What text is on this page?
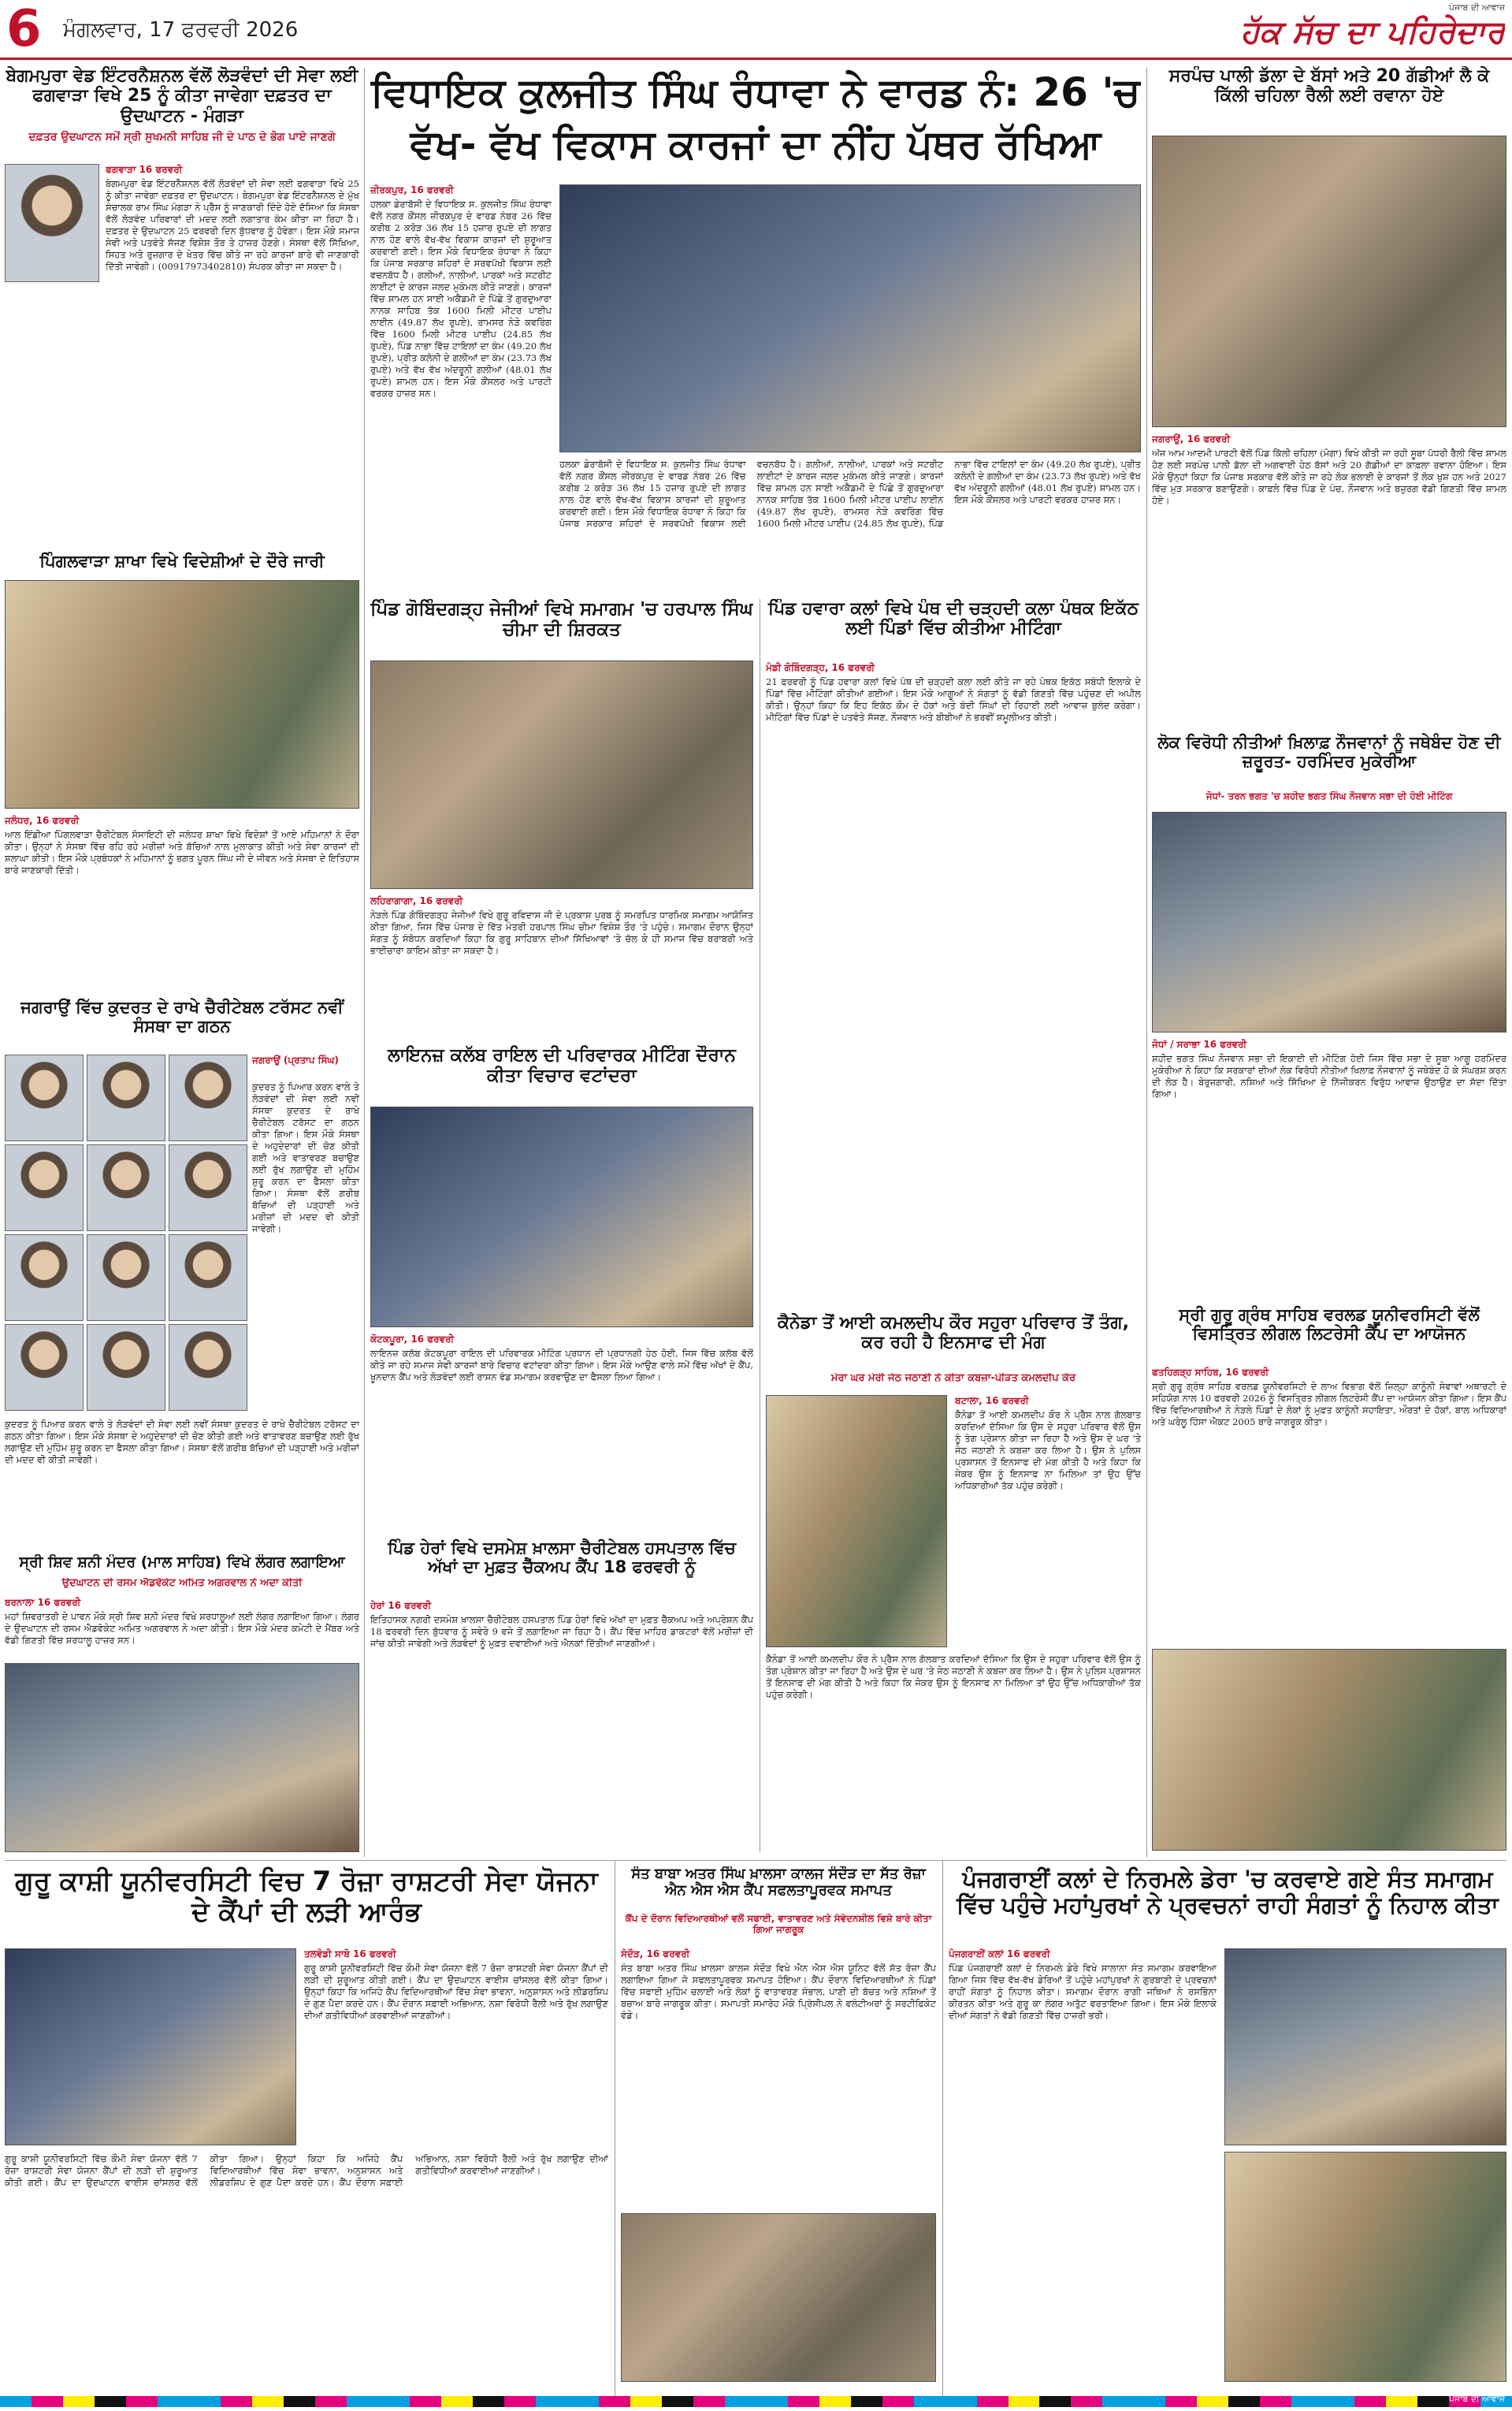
6	ਮੰਗਲਵਾਰ, 17 ਫਰਵਰੀ 2026
ਪੰਜਾਬ ਦੀ ਆਵਾਜ਼
ਹੱਕ ਸੱਚ ਦਾ ਪਹਿਰੇਦਾਰ
ਬੇਗਮਪੁਰਾ ਵੇਡ ਇੰਟਰਨੈਸ਼ਨਲ ਵੱਲੋਂ ਲੋੜਵੰਦਾਂ ਦੀ ਸੇਵਾ ਲਈ ਫਗਵਾੜਾ ਵਿਖੇ 25 ਨੂੰ ਕੀਤਾ ਜਾਵੇਗਾ ਦਫ਼ਤਰ ਦਾ ਉਦਘਾਟਨ - ਮੰਗੜਾ
ਦਫ਼ਤਰ ਉਦਘਾਟਨ ਸਮੇਂ ਸ੍ਰੀ ਸੁਖਮਨੀ ਸਾਹਿਬ ਜੀ ਦੇ ਪਾਠ ਦੇ ਭੋਗ ਪਾਏ ਜਾਣਗੇ
ਫਗਵਾੜਾ 16 ਫਰਵਰੀ
ਬੇਗਮਪੁਰਾ ਵੇਡ ਇੰਟਰਨੈਸ਼ਨਲ ਵੱਲੋਂ ਲੋੜਵੰਦਾਂ ਦੀ ਸੇਵਾ ਲਈ ਫਗਵਾੜਾ ਵਿਖੇ 25 ਨੂੰ ਕੀਤਾ ਜਾਵੇਗਾ ਦਫ਼ਤਰ ਦਾ ਉਦਘਾਟਨ। ਬੇਗਮਪੁਰਾ ਵੇਡ ਇੰਟਰਨੈਸ਼ਨਲ ਦੇ ਮੁੱਖ ਸੰਚਾਲਕ ਰਾਮ ਸਿੰਘ ਮੰਗੜਾ ਨੇ ਪ੍ਰੈਸ ਨੂੰ ਜਾਣਕਾਰੀ ਦਿੰਦੇ ਹੋਏ ਦੱਸਿਆ ਕਿ ਸੰਸਥਾ ਵੱਲੋਂ ਲੋੜਵੰਦ ਪਰਿਵਾਰਾਂ ਦੀ ਮਦਦ ਲਈ ਲਗਾਤਾਰ ਕੰਮ ਕੀਤਾ ਜਾ ਰਿਹਾ ਹੈ। ਦਫ਼ਤਰ ਦੇ ਉਦਘਾਟਨ 25 ਫਰਵਰੀ ਦਿਨ ਬੁੱਧਵਾਰ ਨੂੰ ਹੋਵੇਗਾ। ਇਸ ਮੌਕੇ ਸਮਾਜ ਸੇਵੀ ਅਤੇ ਪਤਵੰਤੇ ਸੱਜਣ ਵਿਸ਼ੇਸ਼ ਤੌਰ ਤੇ ਹਾਜ਼ਰ ਹੋਣਗੇ। ਸੰਸਥਾ ਵੱਲੋਂ ਸਿੱਖਿਆ, ਸਿਹਤ ਅਤੇ ਰੁਜ਼ਗਾਰ ਦੇ ਖੇਤਰ ਵਿੱਚ ਕੀਤੇ ਜਾ ਰਹੇ ਕਾਰਜਾਂ ਬਾਰੇ ਵੀ ਜਾਣਕਾਰੀ ਦਿੱਤੀ ਜਾਵੇਗੀ। (00917973402810) ਸੰਪਰਕ ਕੀਤਾ ਜਾ ਸਕਦਾ ਹੈ।
ਪਿੰਗਲਵਾੜਾ ਸ਼ਾਖਾ ਵਿਖੇ ਵਿਦੇਸ਼ੀਆਂ ਦੇ ਦੌਰੇ ਜਾਰੀ
ਜਲੰਧਰ, 16 ਫਰਵਰੀ
ਆਲ ਇੰਡੀਆ ਪਿੰਗਲਵਾੜਾ ਚੈਰੀਟੇਬਲ ਸੋਸਾਇਟੀ ਦੀ ਜਲੰਧਰ ਸ਼ਾਖਾ ਵਿਖੇ ਵਿਦੇਸ਼ਾਂ ਤੋਂ ਆਏ ਮਹਿਮਾਨਾਂ ਨੇ ਦੌਰਾ ਕੀਤਾ। ਉਨ੍ਹਾਂ ਨੇ ਸੰਸਥਾ ਵਿੱਚ ਰਹਿ ਰਹੇ ਮਰੀਜ਼ਾਂ ਅਤੇ ਬੱਚਿਆਂ ਨਾਲ ਮੁਲਾਕਾਤ ਕੀਤੀ ਅਤੇ ਸੇਵਾ ਕਾਰਜਾਂ ਦੀ ਸ਼ਲਾਘਾ ਕੀਤੀ। ਇਸ ਮੌਕੇ ਪ੍ਰਬੰਧਕਾਂ ਨੇ ਮਹਿਮਾਨਾਂ ਨੂੰ ਭਗਤ ਪੂਰਨ ਸਿੰਘ ਜੀ ਦੇ ਜੀਵਨ ਅਤੇ ਸੰਸਥਾ ਦੇ ਇਤਿਹਾਸ ਬਾਰੇ ਜਾਣਕਾਰੀ ਦਿੱਤੀ।
ਜਗਰਾਉਂ ਵਿੱਚ ਕੁਦਰਤ ਦੇ ਰਾਖੇ ਚੈਰੀਟੇਬਲ ਟਰੱਸਟ ਨਵੀਂ ਸੰਸਥਾ ਦਾ ਗਠਨ
ਜਗਰਾਉਂ (ਪ੍ਰਤਾਪ ਸਿੰਘ)
ਕੁਦਰਤ ਨੂੰ ਪਿਆਰ ਕਰਨ ਵਾਲੇ ਤੇ ਲੋੜਵੰਦਾਂ ਦੀ ਸੇਵਾ ਲਈ ਨਵੀਂ ਸੰਸਥਾ ਕੁਦਰਤ ਦੇ ਰਾਖੇ ਚੈਰੀਟੇਬਲ ਟਰੱਸਟ ਦਾ ਗਠਨ ਕੀਤਾ ਗਿਆ। ਇਸ ਮੌਕੇ ਸੰਸਥਾ ਦੇ ਅਹੁਦੇਦਾਰਾਂ ਦੀ ਚੋਣ ਕੀਤੀ ਗਈ ਅਤੇ ਵਾਤਾਵਰਣ ਬਚਾਉਣ ਲਈ ਰੁੱਖ ਲਗਾਉਣ ਦੀ ਮੁਹਿੰਮ ਸ਼ੁਰੂ ਕਰਨ ਦਾ ਫੈਸਲਾ ਕੀਤਾ ਗਿਆ। ਸੰਸਥਾ ਵੱਲੋਂ ਗਰੀਬ ਬੱਚਿਆਂ ਦੀ ਪੜ੍ਹਾਈ ਅਤੇ ਮਰੀਜ਼ਾਂ ਦੀ ਮਦਦ ਵੀ ਕੀਤੀ ਜਾਵੇਗੀ।
ਕੁਦਰਤ ਨੂੰ ਪਿਆਰ ਕਰਨ ਵਾਲੇ ਤੇ ਲੋੜਵੰਦਾਂ ਦੀ ਸੇਵਾ ਲਈ ਨਵੀਂ ਸੰਸਥਾ ਕੁਦਰਤ ਦੇ ਰਾਖੇ ਚੈਰੀਟੇਬਲ ਟਰੱਸਟ ਦਾ ਗਠਨ ਕੀਤਾ ਗਿਆ। ਇਸ ਮੌਕੇ ਸੰਸਥਾ ਦੇ ਅਹੁਦੇਦਾਰਾਂ ਦੀ ਚੋਣ ਕੀਤੀ ਗਈ ਅਤੇ ਵਾਤਾਵਰਣ ਬਚਾਉਣ ਲਈ ਰੁੱਖ ਲਗਾਉਣ ਦੀ ਮੁਹਿੰਮ ਸ਼ੁਰੂ ਕਰਨ ਦਾ ਫੈਸਲਾ ਕੀਤਾ ਗਿਆ। ਸੰਸਥਾ ਵੱਲੋਂ ਗਰੀਬ ਬੱਚਿਆਂ ਦੀ ਪੜ੍ਹਾਈ ਅਤੇ ਮਰੀਜ਼ਾਂ ਦੀ ਮਦਦ ਵੀ ਕੀਤੀ ਜਾਵੇਗੀ।
ਸ੍ਰੀ ਸ਼ਿਵ ਸ਼ਨੀ ਮੰਦਰ (ਮਾਲ ਸਾਹਿਬ) ਵਿਖੇ ਲੰਗਰ ਲਗਾਇਆ
ਉਦਘਾਟਨ ਦੀ ਰਸਮ ਐਡਵੋਕੇਟ ਅਮਿਤ ਅਗਰਵਾਲ ਨੇ ਅਦਾ ਕੀਤੀ
ਬਰਨਾਲਾ 16 ਫਰਵਰੀ
ਮਹਾਂ ਸ਼ਿਵਰਾਤਰੀ ਦੇ ਪਾਵਨ ਮੌਕੇ ਸ੍ਰੀ ਸ਼ਿਵ ਸ਼ਨੀ ਮੰਦਰ ਵਿਖੇ ਸ਼ਰਧਾਲੂਆਂ ਲਈ ਲੰਗਰ ਲਗਾਇਆ ਗਿਆ। ਲੰਗਰ ਦੇ ਉਦਘਾਟਨ ਦੀ ਰਸਮ ਐਡਵੋਕੇਟ ਅਮਿਤ ਅਗਰਵਾਲ ਨੇ ਅਦਾ ਕੀਤੀ। ਇਸ ਮੌਕੇ ਮੰਦਰ ਕਮੇਟੀ ਦੇ ਮੈਂਬਰ ਅਤੇ ਵੱਡੀ ਗਿਣਤੀ ਵਿੱਚ ਸ਼ਰਧਾਲੂ ਹਾਜ਼ਰ ਸਨ।
ਵਿਧਾਇਕ ਕੁਲਜੀਤ ਸਿੰਘ ਰੰਧਾਵਾ ਨੇ ਵਾਰਡ ਨੰ: 26 'ਚ ਵੱਖ- ਵੱਖ ਵਿਕਾਸ ਕਾਰਜਾਂ ਦਾ ਨੀਂਹ ਪੱਥਰ ਰੱਖਿਆ
ਜ਼ੀਰਕਪੁਰ, 16 ਫਰਵਰੀ
ਹਲਕਾ ਡੇਰਾਬੱਸੀ ਦੇ ਵਿਧਾਇਕ ਸ. ਕੁਲਜੀਤ ਸਿੰਘ ਰੰਧਾਵਾ ਵੱਲੋਂ ਨਗਰ ਕੌਂਸਲ ਜ਼ੀਰਕਪੁਰ ਦੇ ਵਾਰਡ ਨੰਬਰ 26 ਵਿੱਚ ਕਰੀਬ 2 ਕਰੋੜ 36 ਲੱਖ 15 ਹਜ਼ਾਰ ਰੁਪਏ ਦੀ ਲਾਗਤ ਨਾਲ ਹੋਣ ਵਾਲੇ ਵੱਖ-ਵੱਖ ਵਿਕਾਸ ਕਾਰਜਾਂ ਦੀ ਸ਼ੁਰੂਆਤ ਕਰਵਾਈ ਗਈ। ਇਸ ਮੌਕੇ ਵਿਧਾਇਕ ਰੰਧਾਵਾ ਨੇ ਕਿਹਾ ਕਿ ਪੰਜਾਬ ਸਰਕਾਰ ਸ਼ਹਿਰਾਂ ਦੇ ਸਰਵਪੱਖੀ ਵਿਕਾਸ ਲਈ ਵਚਨਬੱਧ ਹੈ। ਗਲੀਆਂ, ਨਾਲੀਆਂ, ਪਾਰਕਾਂ ਅਤੇ ਸਟਰੀਟ ਲਾਈਟਾਂ ਦੇ ਕਾਰਜ ਜਲਦ ਮੁਕੰਮਲ ਕੀਤੇ ਜਾਣਗੇ। ਕਾਰਜਾਂ ਵਿੱਚ ਸ਼ਾਮਲ ਹਨ ਸਾਈ ਅਕੈਡਮੀ ਦੇ ਪਿੱਛੇ ਤੋਂ ਗੁਰਦੁਆਰਾ ਨਾਨਕ ਸਾਹਿਬ ਤੱਕ 1600 ਮਿਲੀ ਮੀਟਰ ਪਾਈਪ ਲਾਈਨ (49.87 ਲੱਖ ਰੁਪਏ), ਰਾਮਸਰ ਨੇੜੇ ਕਵਰਿੰਗ ਵਿੱਚ 1600 ਮਿਲੀ ਮੀਟਰ ਪਾਈਪ (24.85 ਲੱਖ ਰੁਪਏ), ਪਿੰਡ ਨਾਭਾ ਵਿੱਚ ਟਾਇਲਾਂ ਦਾ ਕੰਮ (49.20 ਲੱਖ ਰੁਪਏ), ਪ੍ਰੀਤ ਕਲੋਨੀ ਦੇ ਗਲੀਆਂ ਦਾ ਕੰਮ (23.73 ਲੱਖ ਰੁਪਏ) ਅਤੇ ਵੱਖ ਵੱਖ ਅੰਦਰੂਨੀ ਗਲੀਆਂ (48.01 ਲੱਖ ਰੁਪਏ) ਸ਼ਾਮਲ ਹਨ। ਇਸ ਮੌਕੇ ਕੌਂਸਲਰ ਅਤੇ ਪਾਰਟੀ ਵਰਕਰ ਹਾਜ਼ਰ ਸਨ।
ਹਲਕਾ ਡੇਰਾਬੱਸੀ ਦੇ ਵਿਧਾਇਕ ਸ. ਕੁਲਜੀਤ ਸਿੰਘ ਰੰਧਾਵਾ ਵੱਲੋਂ ਨਗਰ ਕੌਂਸਲ ਜ਼ੀਰਕਪੁਰ ਦੇ ਵਾਰਡ ਨੰਬਰ 26 ਵਿੱਚ ਕਰੀਬ 2 ਕਰੋੜ 36 ਲੱਖ 15 ਹਜ਼ਾਰ ਰੁਪਏ ਦੀ ਲਾਗਤ ਨਾਲ ਹੋਣ ਵਾਲੇ ਵੱਖ-ਵੱਖ ਵਿਕਾਸ ਕਾਰਜਾਂ ਦੀ ਸ਼ੁਰੂਆਤ ਕਰਵਾਈ ਗਈ। ਇਸ ਮੌਕੇ ਵਿਧਾਇਕ ਰੰਧਾਵਾ ਨੇ ਕਿਹਾ ਕਿ ਪੰਜਾਬ ਸਰਕਾਰ ਸ਼ਹਿਰਾਂ ਦੇ ਸਰਵਪੱਖੀ ਵਿਕਾਸ ਲਈ ਵਚਨਬੱਧ ਹੈ। ਗਲੀਆਂ, ਨਾਲੀਆਂ, ਪਾਰਕਾਂ ਅਤੇ ਸਟਰੀਟ ਲਾਈਟਾਂ ਦੇ ਕਾਰਜ ਜਲਦ ਮੁਕੰਮਲ ਕੀਤੇ ਜਾਣਗੇ। ਕਾਰਜਾਂ ਵਿੱਚ ਸ਼ਾਮਲ ਹਨ ਸਾਈ ਅਕੈਡਮੀ ਦੇ ਪਿੱਛੇ ਤੋਂ ਗੁਰਦੁਆਰਾ ਨਾਨਕ ਸਾਹਿਬ ਤੱਕ 1600 ਮਿਲੀ ਮੀਟਰ ਪਾਈਪ ਲਾਈਨ (49.87 ਲੱਖ ਰੁਪਏ), ਰਾਮਸਰ ਨੇੜੇ ਕਵਰਿੰਗ ਵਿੱਚ 1600 ਮਿਲੀ ਮੀਟਰ ਪਾਈਪ (24.85 ਲੱਖ ਰੁਪਏ), ਪਿੰਡ ਨਾਭਾ ਵਿੱਚ ਟਾਇਲਾਂ ਦਾ ਕੰਮ (49.20 ਲੱਖ ਰੁਪਏ), ਪ੍ਰੀਤ ਕਲੋਨੀ ਦੇ ਗਲੀਆਂ ਦਾ ਕੰਮ (23.73 ਲੱਖ ਰੁਪਏ) ਅਤੇ ਵੱਖ ਵੱਖ ਅੰਦਰੂਨੀ ਗਲੀਆਂ (48.01 ਲੱਖ ਰੁਪਏ) ਸ਼ਾਮਲ ਹਨ। ਇਸ ਮੌਕੇ ਕੌਂਸਲਰ ਅਤੇ ਪਾਰਟੀ ਵਰਕਰ ਹਾਜ਼ਰ ਸਨ।
ਪਿੰਡ ਗੋਬਿੰਦਗੜ੍ਹ ਜੇਜੀਆਂ ਵਿਖੇ ਸਮਾਗਮ 'ਚ ਹਰਪਾਲ ਸਿੰਘ ਚੀਮਾ ਦੀ ਸ਼ਿਰਕਤ
ਲਹਿਰਾਗਾਗਾ, 16 ਫਰਵਰੀ
ਨੇੜਲੇ ਪਿੰਡ ਗੋਬਿੰਦਗੜ੍ਹ ਜੇਜੀਆਂ ਵਿਖੇ ਗੁਰੂ ਰਵਿਦਾਸ ਜੀ ਦੇ ਪ੍ਰਕਾਸ਼ ਪੁਰਬ ਨੂੰ ਸਮਰਪਿਤ ਧਾਰਮਿਕ ਸਮਾਗਮ ਆਯੋਜਿਤ ਕੀਤਾ ਗਿਆ, ਜਿਸ ਵਿੱਚ ਪੰਜਾਬ ਦੇ ਵਿੱਤ ਮੰਤਰੀ ਹਰਪਾਲ ਸਿੰਘ ਚੀਮਾ ਵਿਸ਼ੇਸ਼ ਤੌਰ 'ਤੇ ਪਹੁੰਚੇ। ਸਮਾਗਮ ਦੌਰਾਨ ਉਨ੍ਹਾਂ ਸੰਗਤ ਨੂੰ ਸੰਬੋਧਨ ਕਰਦਿਆਂ ਕਿਹਾ ਕਿ ਗੁਰੂ ਸਾਹਿਬਾਨ ਦੀਆਂ ਸਿੱਖਿਆਵਾਂ 'ਤੇ ਚੱਲ ਕੇ ਹੀ ਸਮਾਜ ਵਿੱਚ ਬਰਾਬਰੀ ਅਤੇ ਭਾਈਚਾਰਾ ਕਾਇਮ ਕੀਤਾ ਜਾ ਸਕਦਾ ਹੈ।
ਲਾਇਨਜ਼ ਕਲੱਬ ਰਾਇਲ ਦੀ ਪਰਿਵਾਰਕ ਮੀਟਿੰਗ ਦੌਰਾਨ ਕੀਤਾ ਵਿਚਾਰ ਵਟਾਂਦਰਾ
ਕੋਟਕਪੂਰਾ, 16 ਫਰਵਰੀ
ਲਾਇਨਜ਼ ਕਲੱਬ ਕੋਟਕਪੂਰਾ ਰਾਇਲ ਦੀ ਪਰਿਵਾਰਕ ਮੀਟਿੰਗ ਪ੍ਰਧਾਨ ਦੀ ਪ੍ਰਧਾਨਗੀ ਹੇਠ ਹੋਈ, ਜਿਸ ਵਿੱਚ ਕਲੱਬ ਵੱਲੋਂ ਕੀਤੇ ਜਾ ਰਹੇ ਸਮਾਜ ਸੇਵੀ ਕਾਰਜਾਂ ਬਾਰੇ ਵਿਚਾਰ ਵਟਾਂਦਰਾ ਕੀਤਾ ਗਿਆ। ਇਸ ਮੌਕੇ ਆਉਣ ਵਾਲੇ ਸਮੇਂ ਵਿੱਚ ਅੱਖਾਂ ਦੇ ਕੈਂਪ, ਖੂਨਦਾਨ ਕੈਂਪ ਅਤੇ ਲੋੜਵੰਦਾਂ ਲਈ ਰਾਸ਼ਨ ਵੰਡ ਸਮਾਗਮ ਕਰਵਾਉਣ ਦਾ ਫੈਸਲਾ ਲਿਆ ਗਿਆ।
ਪਿੰਡ ਹੇਰਾਂ ਵਿਖੇ ਦਸਮੇਸ਼ ਖ਼ਾਲਸਾ ਚੈਰੀਟੇਬਲ ਹਸਪਤਾਲ ਵਿੱਚ ਅੱਖਾਂ ਦਾ ਮੁਫ਼ਤ ਚੈੱਕਅਪ ਕੈਂਪ 18 ਫਰਵਰੀ ਨੂੰ
ਹੇਰਾਂ 16 ਫਰਵਰੀ
ਇਤਿਹਾਸਕ ਨਗਰੀ ਦਸਮੇਸ਼ ਖ਼ਾਲਸਾ ਚੈਰੀਟੇਬਲ ਹਸਪਤਾਲ ਪਿੰਡ ਹੇਰਾਂ ਵਿਖੇ ਅੱਖਾਂ ਦਾ ਮੁਫ਼ਤ ਚੈੱਕਅਪ ਅਤੇ ਅਪ੍ਰੇਸ਼ਨ ਕੈਂਪ 18 ਫਰਵਰੀ ਦਿਨ ਬੁੱਧਵਾਰ ਨੂੰ ਸਵੇਰੇ 9 ਵਜੇ ਤੋਂ ਲਗਾਇਆ ਜਾ ਰਿਹਾ ਹੈ। ਕੈਂਪ ਵਿੱਚ ਮਾਹਿਰ ਡਾਕਟਰਾਂ ਵੱਲੋਂ ਮਰੀਜ਼ਾਂ ਦੀ ਜਾਂਚ ਕੀਤੀ ਜਾਵੇਗੀ ਅਤੇ ਲੋੜਵੰਦਾਂ ਨੂੰ ਮੁਫ਼ਤ ਦਵਾਈਆਂ ਅਤੇ ਐਨਕਾਂ ਦਿੱਤੀਆਂ ਜਾਣਗੀਆਂ।
ਪਿੰਡ ਹਵਾਰਾ ਕਲਾਂ ਵਿਖੇ ਪੰਥ ਦੀ ਚੜ੍ਹਦੀ ਕਲਾ ਪੰਥਕ ਇਕੱਠ ਲਈ ਪਿੰਡਾਂ ਵਿੱਚ ਕੀਤੀਆ ਮੀਟਿੰਗਾ
ਮੰਡੀ ਗੋਬਿੰਦਗੜ੍ਹ, 16 ਫਰਵਰੀ
21 ਫਰਵਰੀ ਨੂੰ ਪਿੰਡ ਹਵਾਰਾ ਕਲਾਂ ਵਿਖੇ ਪੰਥ ਦੀ ਚੜ੍ਹਦੀ ਕਲਾ ਲਈ ਕੀਤੇ ਜਾ ਰਹੇ ਪੰਥਕ ਇਕੱਠ ਸਬੰਧੀ ਇਲਾਕੇ ਦੇ ਪਿੰਡਾਂ ਵਿੱਚ ਮੀਟਿੰਗਾਂ ਕੀਤੀਆਂ ਗਈਆਂ। ਇਸ ਮੌਕੇ ਆਗੂਆਂ ਨੇ ਸੰਗਤਾਂ ਨੂੰ ਵੱਡੀ ਗਿਣਤੀ ਵਿੱਚ ਪਹੁੰਚਣ ਦੀ ਅਪੀਲ ਕੀਤੀ। ਉਨ੍ਹਾਂ ਕਿਹਾ ਕਿ ਇਹ ਇਕੱਠ ਕੌਮ ਦੇ ਹੱਕਾਂ ਅਤੇ ਬੰਦੀ ਸਿੰਘਾਂ ਦੀ ਰਿਹਾਈ ਲਈ ਆਵਾਜ਼ ਬੁਲੰਦ ਕਰੇਗਾ। ਮੀਟਿੰਗਾਂ ਵਿੱਚ ਪਿੰਡਾਂ ਦੇ ਪਤਵੰਤੇ ਸੱਜਣ, ਨੌਜਵਾਨ ਅਤੇ ਬੀਬੀਆਂ ਨੇ ਭਰਵੀਂ ਸ਼ਮੂਲੀਅਤ ਕੀਤੀ।
ਕੈਨੇਡਾ ਤੋਂ ਆਈ ਕਮਲਦੀਪ ਕੌਰ ਸਹੁਰਾ ਪਰਿਵਾਰ ਤੋਂ ਤੰਗ, ਕਰ ਰਹੀ ਹੈ ਇਨਸਾਫ ਦੀ ਮੰਗ
ਮੇਰਾ ਘਰ ਮੇਰੀ ਜੇਠ ਜਠਾਣੀ ਨੇ ਕੀਤਾ ਕਬਜ਼ਾ-ਪੀੜਤ ਕਮਲਦੀਪ ਕੌਰ
ਬਟਾਲਾ, 16 ਫਰਵਰੀ
ਕੈਨੇਡਾ ਤੋਂ ਆਈ ਕਮਲਦੀਪ ਕੌਰ ਨੇ ਪ੍ਰੈਸ ਨਾਲ ਗੱਲਬਾਤ ਕਰਦਿਆਂ ਦੱਸਿਆ ਕਿ ਉਸ ਦੇ ਸਹੁਰਾ ਪਰਿਵਾਰ ਵੱਲੋਂ ਉਸ ਨੂੰ ਤੰਗ ਪ੍ਰੇਸ਼ਾਨ ਕੀਤਾ ਜਾ ਰਿਹਾ ਹੈ ਅਤੇ ਉਸ ਦੇ ਘਰ 'ਤੇ ਜੇਠ ਜਠਾਣੀ ਨੇ ਕਬਜ਼ਾ ਕਰ ਲਿਆ ਹੈ। ਉਸ ਨੇ ਪੁਲਿਸ ਪ੍ਰਸ਼ਾਸਨ ਤੋਂ ਇਨਸਾਫ ਦੀ ਮੰਗ ਕੀਤੀ ਹੈ ਅਤੇ ਕਿਹਾ ਕਿ ਜੇਕਰ ਉਸ ਨੂੰ ਇਨਸਾਫ ਨਾ ਮਿਲਿਆ ਤਾਂ ਉਹ ਉੱਚ ਅਧਿਕਾਰੀਆਂ ਤੱਕ ਪਹੁੰਚ ਕਰੇਗੀ।
ਕੈਨੇਡਾ ਤੋਂ ਆਈ ਕਮਲਦੀਪ ਕੌਰ ਨੇ ਪ੍ਰੈਸ ਨਾਲ ਗੱਲਬਾਤ ਕਰਦਿਆਂ ਦੱਸਿਆ ਕਿ ਉਸ ਦੇ ਸਹੁਰਾ ਪਰਿਵਾਰ ਵੱਲੋਂ ਉਸ ਨੂੰ ਤੰਗ ਪ੍ਰੇਸ਼ਾਨ ਕੀਤਾ ਜਾ ਰਿਹਾ ਹੈ ਅਤੇ ਉਸ ਦੇ ਘਰ 'ਤੇ ਜੇਠ ਜਠਾਣੀ ਨੇ ਕਬਜ਼ਾ ਕਰ ਲਿਆ ਹੈ। ਉਸ ਨੇ ਪੁਲਿਸ ਪ੍ਰਸ਼ਾਸਨ ਤੋਂ ਇਨਸਾਫ ਦੀ ਮੰਗ ਕੀਤੀ ਹੈ ਅਤੇ ਕਿਹਾ ਕਿ ਜੇਕਰ ਉਸ ਨੂੰ ਇਨਸਾਫ ਨਾ ਮਿਲਿਆ ਤਾਂ ਉਹ ਉੱਚ ਅਧਿਕਾਰੀਆਂ ਤੱਕ ਪਹੁੰਚ ਕਰੇਗੀ।
ਸਰਪੰਚ ਪਾਲੀ ਡੱਲਾ ਦੇ ਬੱਸਾਂ ਅਤੇ 20 ਗੱਡੀਆਂ ਲੈ ਕੇ ਕਿੱਲੀ ਚਹਿਲਾ ਰੈਲੀ ਲਈ ਰਵਾਨਾ ਹੋਏ
ਜਗਰਾਉਂ, 16 ਫਰਵਰੀ
ਅੱਜ ਆਮ ਆਦਮੀ ਪਾਰਟੀ ਵੱਲੋਂ ਪਿੰਡ ਕਿੱਲੀ ਚਹਿਲਾ (ਮੋਗਾ) ਵਿਖੇ ਕੀਤੀ ਜਾ ਰਹੀ ਸੂਬਾ ਪੱਧਰੀ ਰੈਲੀ ਵਿੱਚ ਸ਼ਾਮਲ ਹੋਣ ਲਈ ਸਰਪੰਚ ਪਾਲੀ ਡੱਲਾ ਦੀ ਅਗਵਾਈ ਹੇਠ ਬੱਸਾਂ ਅਤੇ 20 ਗੱਡੀਆਂ ਦਾ ਕਾਫ਼ਲਾ ਰਵਾਨਾ ਹੋਇਆ। ਇਸ ਮੌਕੇ ਉਨ੍ਹਾਂ ਕਿਹਾ ਕਿ ਪੰਜਾਬ ਸਰਕਾਰ ਵੱਲੋਂ ਕੀਤੇ ਜਾ ਰਹੇ ਲੋਕ ਭਲਾਈ ਦੇ ਕਾਰਜਾਂ ਤੋਂ ਲੋਕ ਖੁਸ਼ ਹਨ ਅਤੇ 2027 ਵਿੱਚ ਮੁੜ ਸਰਕਾਰ ਬਣਾਉਣਗੇ। ਕਾਫ਼ਲੇ ਵਿੱਚ ਪਿੰਡ ਦੇ ਪੰਚ, ਨੌਜਵਾਨ ਅਤੇ ਬਜ਼ੁਰਗ ਵੱਡੀ ਗਿਣਤੀ ਵਿੱਚ ਸ਼ਾਮਲ ਹੋਏ।
ਲੋਕ ਵਿਰੋਧੀ ਨੀਤੀਆਂ ਖ਼ਿਲਾਫ਼ ਨੌਜਵਾਨਾਂ ਨੂੰ ਜਥੇਬੰਦ ਹੋਣ ਦੀ ਜ਼ਰੂਰਤ- ਹਰਮਿੰਦਰ ਮੁਕੇਰੀਆ
ਜੋਧਾਂ- ਤਰਨ ਭਗਤ 'ਚ ਸ਼ਹੀਦ ਭਗਤ ਸਿੰਘ ਨੌਜਵਾਨ ਸਭਾ ਦੀ ਹੋਈ ਮੀਟਿੰਗ
ਜੋਧਾਂ / ਸਰਾਭਾ 16 ਫਰਵਰੀ
ਸ਼ਹੀਦ ਭਗਤ ਸਿੰਘ ਨੌਜਵਾਨ ਸਭਾ ਦੀ ਇਕਾਈ ਦੀ ਮੀਟਿੰਗ ਹੋਈ ਜਿਸ ਵਿੱਚ ਸਭਾ ਦੇ ਸੂਬਾ ਆਗੂ ਹਰਮਿੰਦਰ ਮੁਕੇਰੀਆ ਨੇ ਕਿਹਾ ਕਿ ਸਰਕਾਰਾਂ ਦੀਆਂ ਲੋਕ ਵਿਰੋਧੀ ਨੀਤੀਆਂ ਖ਼ਿਲਾਫ਼ ਨੌਜਵਾਨਾਂ ਨੂੰ ਜਥੇਬੰਦ ਹੋ ਕੇ ਸੰਘਰਸ਼ ਕਰਨ ਦੀ ਲੋੜ ਹੈ। ਬੇਰੁਜ਼ਗਾਰੀ, ਨਸ਼ਿਆਂ ਅਤੇ ਸਿੱਖਿਆ ਦੇ ਨਿੱਜੀਕਰਨ ਵਿਰੁੱਧ ਆਵਾਜ਼ ਉਠਾਉਣ ਦਾ ਸੱਦਾ ਦਿੱਤਾ ਗਿਆ।
ਸ੍ਰੀ ਗੁਰੂ ਗ੍ਰੰਥ ਸਾਹਿਬ ਵਰਲਡ ਯੂਨੀਵਰਸਿਟੀ ਵੱਲੋਂ ਵਿਸਤ੍ਰਿਤ ਲੀਗਲ ਲਿਟਰੇਸੀ ਕੈਂਪ ਦਾ ਆਯੋਜਨ
ਫਤਹਿਗੜ੍ਹ ਸਾਹਿਬ, 16 ਫਰਵਰੀ
ਸ੍ਰੀ ਗੁਰੂ ਗ੍ਰੰਥ ਸਾਹਿਬ ਵਰਲਡ ਯੂਨੀਵਰਸਿਟੀ ਦੇ ਲਾਅ ਵਿਭਾਗ ਵੱਲੋਂ ਜ਼ਿਲ੍ਹਾ ਕਾਨੂੰਨੀ ਸੇਵਾਵਾਂ ਅਥਾਰਟੀ ਦੇ ਸਹਿਯੋਗ ਨਾਲ 10 ਫਰਵਰੀ 2026 ਨੂੰ ਵਿਸਤ੍ਰਿਤ ਲੀਗਲ ਲਿਟਰੇਸੀ ਕੈਂਪ ਦਾ ਆਯੋਜਨ ਕੀਤਾ ਗਿਆ। ਇਸ ਕੈਂਪ ਵਿੱਚ ਵਿਦਿਆਰਥੀਆਂ ਨੇ ਨੇੜਲੇ ਪਿੰਡਾਂ ਦੇ ਲੋਕਾਂ ਨੂੰ ਮੁਫ਼ਤ ਕਾਨੂੰਨੀ ਸਹਾਇਤਾ, ਔਰਤਾਂ ਦੇ ਹੱਕਾਂ, ਬਾਲ ਅਧਿਕਾਰਾਂ ਅਤੇ ਘਰੇਲੂ ਹਿੰਸਾ ਐਕਟ 2005 ਬਾਰੇ ਜਾਗਰੂਕ ਕੀਤਾ।
ਗੁਰੂ ਕਾਸ਼ੀ ਯੂਨੀਵਰਸਿਟੀ ਵਿਚ 7 ਰੋਜ਼ਾ ਰਾਸ਼ਟਰੀ ਸੇਵਾ ਯੋਜਨਾ ਦੇ ਕੈਂਪਾਂ ਦੀ ਲੜੀ ਆਰੰਭ
ਤਲਵੰਡੀ ਸਾਬੋ 16 ਫਰਵਰੀ
ਗੁਰੂ ਕਾਸ਼ੀ ਯੂਨੀਵਰਸਿਟੀ ਵਿੱਚ ਕੌਮੀ ਸੇਵਾ ਯੋਜਨਾ ਵੱਲੋਂ 7 ਰੋਜ਼ਾ ਰਾਸ਼ਟਰੀ ਸੇਵਾ ਯੋਜਨਾ ਕੈਂਪਾਂ ਦੀ ਲੜੀ ਦੀ ਸ਼ੁਰੂਆਤ ਕੀਤੀ ਗਈ। ਕੈਂਪ ਦਾ ਉਦਘਾਟਨ ਵਾਈਸ ਚਾਂਸਲਰ ਵੱਲੋਂ ਕੀਤਾ ਗਿਆ। ਉਨ੍ਹਾਂ ਕਿਹਾ ਕਿ ਅਜਿਹੇ ਕੈਂਪ ਵਿਦਿਆਰਥੀਆਂ ਵਿੱਚ ਸੇਵਾ ਭਾਵਨਾ, ਅਨੁਸ਼ਾਸਨ ਅਤੇ ਲੀਡਰਸ਼ਿਪ ਦੇ ਗੁਣ ਪੈਦਾ ਕਰਦੇ ਹਨ। ਕੈਂਪ ਦੌਰਾਨ ਸਫ਼ਾਈ ਅਭਿਆਨ, ਨਸ਼ਾ ਵਿਰੋਧੀ ਰੈਲੀ ਅਤੇ ਰੁੱਖ ਲਗਾਉਣ ਦੀਆਂ ਗਤੀਵਿਧੀਆਂ ਕਰਵਾਈਆਂ ਜਾਣਗੀਆਂ।
ਗੁਰੂ ਕਾਸ਼ੀ ਯੂਨੀਵਰਸਿਟੀ ਵਿੱਚ ਕੌਮੀ ਸੇਵਾ ਯੋਜਨਾ ਵੱਲੋਂ 7 ਰੋਜ਼ਾ ਰਾਸ਼ਟਰੀ ਸੇਵਾ ਯੋਜਨਾ ਕੈਂਪਾਂ ਦੀ ਲੜੀ ਦੀ ਸ਼ੁਰੂਆਤ ਕੀਤੀ ਗਈ। ਕੈਂਪ ਦਾ ਉਦਘਾਟਨ ਵਾਈਸ ਚਾਂਸਲਰ ਵੱਲੋਂ ਕੀਤਾ ਗਿਆ। ਉਨ੍ਹਾਂ ਕਿਹਾ ਕਿ ਅਜਿਹੇ ਕੈਂਪ ਵਿਦਿਆਰਥੀਆਂ ਵਿੱਚ ਸੇਵਾ ਭਾਵਨਾ, ਅਨੁਸ਼ਾਸਨ ਅਤੇ ਲੀਡਰਸ਼ਿਪ ਦੇ ਗੁਣ ਪੈਦਾ ਕਰਦੇ ਹਨ। ਕੈਂਪ ਦੌਰਾਨ ਸਫ਼ਾਈ ਅਭਿਆਨ, ਨਸ਼ਾ ਵਿਰੋਧੀ ਰੈਲੀ ਅਤੇ ਰੁੱਖ ਲਗਾਉਣ ਦੀਆਂ ਗਤੀਵਿਧੀਆਂ ਕਰਵਾਈਆਂ ਜਾਣਗੀਆਂ।
ਸੰਤ ਬਾਬਾ ਅਤਰ ਸਿੰਘ ਖ਼ਾਲਸਾ ਕਾਲਜ ਸੰਦੌੜ ਦਾ ਸੱਤ ਰੋਜ਼ਾ ਐਨ ਐਸ ਐਸ ਕੈਂਪ ਸਫਲਤਾਪੂਰਵਕ ਸਮਾਪਤ
ਕੈਂਪ ਦੇ ਦੌਰਾਨ ਵਿਦਿਆਰਥੀਆਂ ਵਲੋਂ ਸਫਾਈ, ਵਾਤਾਵਰਣ ਅਤੇ ਸੰਵੇਦਨਸ਼ੀਲ ਵਿਸ਼ੇ ਬਾਰੇ ਕੀਤਾ ਗਿਆ ਜਾਗਰੂਕ
ਸੰਦੌੜ, 16 ਫਰਵਰੀ
ਸੰਤ ਬਾਬਾ ਅਤਰ ਸਿੰਘ ਖ਼ਾਲਸਾ ਕਾਲਜ ਸੰਦੌੜ ਵਿਖੇ ਐਨ ਐਸ ਐਸ ਯੂਨਿਟ ਵੱਲੋਂ ਸੱਤ ਰੋਜ਼ਾ ਕੈਂਪ ਲਗਾਇਆ ਗਿਆ ਜੋ ਸਫਲਤਾਪੂਰਵਕ ਸਮਾਪਤ ਹੋਇਆ। ਕੈਂਪ ਦੌਰਾਨ ਵਿਦਿਆਰਥੀਆਂ ਨੇ ਪਿੰਡਾਂ ਵਿੱਚ ਸਫਾਈ ਮੁਹਿੰਮ ਚਲਾਈ ਅਤੇ ਲੋਕਾਂ ਨੂੰ ਵਾਤਾਵਰਣ ਸੰਭਾਲ, ਪਾਣੀ ਦੀ ਬੱਚਤ ਅਤੇ ਨਸ਼ਿਆਂ ਤੋਂ ਬਚਾਅ ਬਾਰੇ ਜਾਗਰੂਕ ਕੀਤਾ। ਸਮਾਪਤੀ ਸਮਾਰੋਹ ਮੌਕੇ ਪ੍ਰਿੰਸੀਪਲ ਨੇ ਵਲੰਟੀਅਰਾਂ ਨੂੰ ਸਰਟੀਫਿਕੇਟ ਵੰਡੇ।
ਪੰਜਗਰਾਈਂ ਕਲਾਂ ਦੇ ਨਿਰਮਲੇ ਡੇਰਾ 'ਚ ਕਰਵਾਏ ਗਏ ਸੰਤ ਸਮਾਗਮ ਵਿੱਚ ਪਹੁੰਚੇ ਮਹਾਂਪੁਰਖਾਂ ਨੇ ਪ੍ਰਵਚਨਾਂ ਰਾਹੀ ਸੰਗਤਾਂ ਨੂੰ ਨਿਹਾਲ ਕੀਤਾ
ਪੰਜਗਰਾਈਂ ਕਲਾਂ 16 ਫਰਵਰੀ
ਪਿੰਡ ਪੰਜਗਰਾਈਂ ਕਲਾਂ ਦੇ ਨਿਰਮਲੇ ਡੇਰੇ ਵਿਖੇ ਸਾਲਾਨਾ ਸੰਤ ਸਮਾਗਮ ਕਰਵਾਇਆ ਗਿਆ ਜਿਸ ਵਿੱਚ ਵੱਖ-ਵੱਖ ਡੇਰਿਆਂ ਤੋਂ ਪਹੁੰਚੇ ਮਹਾਂਪੁਰਖਾਂ ਨੇ ਗੁਰਬਾਣੀ ਦੇ ਪ੍ਰਵਚਨਾਂ ਰਾਹੀਂ ਸੰਗਤਾਂ ਨੂੰ ਨਿਹਾਲ ਕੀਤਾ। ਸਮਾਗਮ ਦੌਰਾਨ ਰਾਗੀ ਜਥਿਆਂ ਨੇ ਰਸਭਿੰਨਾ ਕੀਰਤਨ ਕੀਤਾ ਅਤੇ ਗੁਰੂ ਕਾ ਲੰਗਰ ਅਤੁੱਟ ਵਰਤਾਇਆ ਗਿਆ। ਇਸ ਮੌਕੇ ਇਲਾਕੇ ਦੀਆਂ ਸੰਗਤਾਂ ਨੇ ਵੱਡੀ ਗਿਣਤੀ ਵਿੱਚ ਹਾਜ਼ਰੀ ਭਰੀ।
ਪੰਜਾਬ ਦੀ ਆਵਾਜ਼
